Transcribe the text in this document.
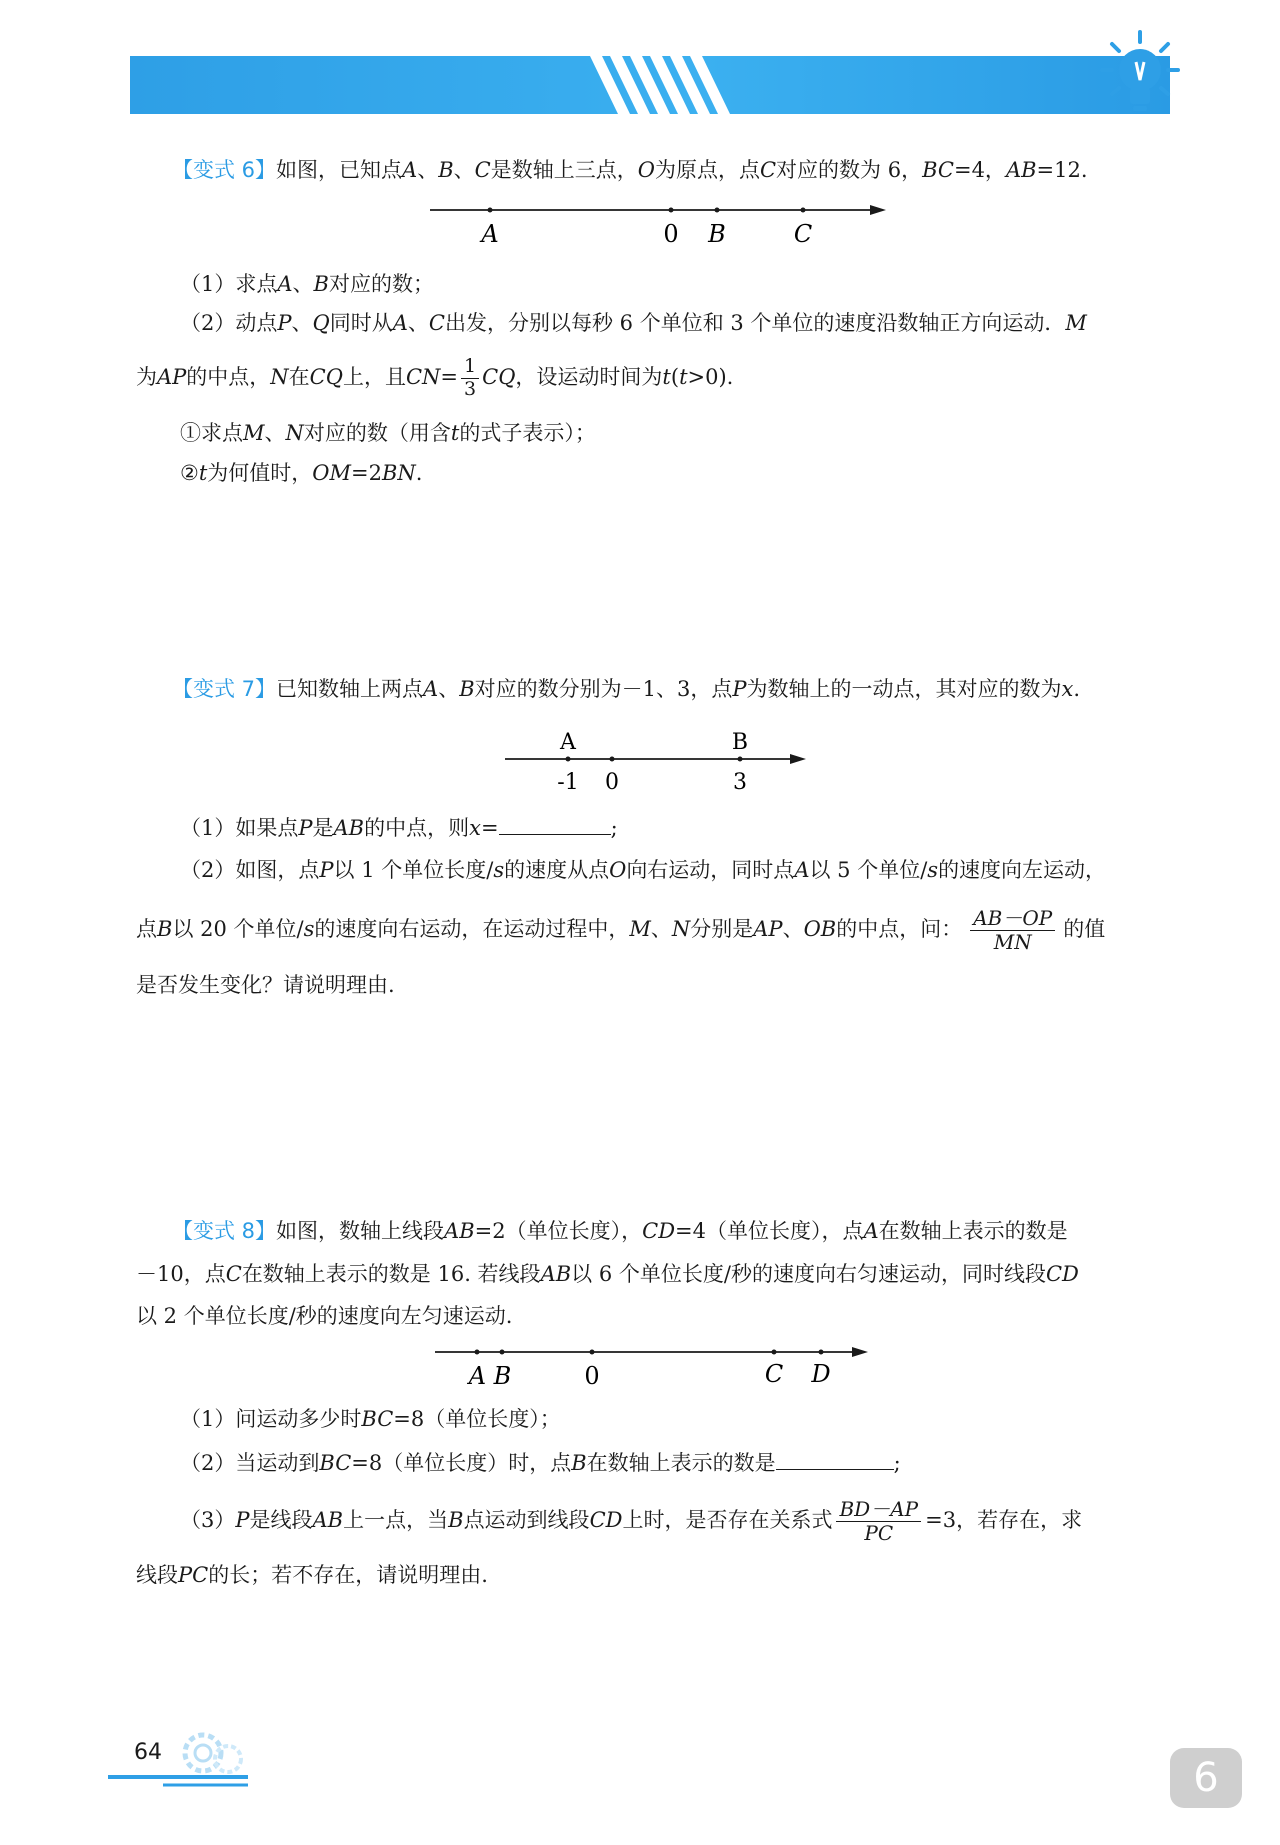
【变式 6】如图，已知点A、B、C是数轴上三点，O为原点，点C对应的数为 6，BC=4，AB=12.
A	0 B	C
（1）求点A、B对应的数；
（2）动点P、Q同时从A、C出发，分别以每秒 6 个单位和 3 个单位的速度沿数轴正方向运动．M
为 AP 的中点， N 在 CQ 上，且 CN = $\frac{1}{3}$ CQ ，设运动时间为 t ( t >0).
①求点M、N对应的数（用含t的式子表示）；
②t为何值时，OM=2BN.
【变式 7】已知数轴上两点A、B对应的数分别为－1、3，点P为数轴上的一动点，其对应的数为x.
A	B
-1 0	3
（1）如果点P是AB的中点，则x=	;
（2）如图，点P以 1 个单位长度/s的速度从点O向右运动，同时点A以 5 个单位/s的速度向左运动，
点 B 以 20 个单位/ s 的速度向右运动，在运动过程中， M 、 N 分别是 AP 、 OB 的中点，问： $\frac{AB-OP}{MN}$ 的值
是否发生变化？请说明理由.
【变式 8】如图，数轴上线段AB=2（单位长度），CD=4（单位长度），点A在数轴上表示的数是
－10，点C在数轴上表示的数是 16. 若线段AB以 6 个单位长度/秒的速度向右匀速运动，同时线段CD
以 2 个单位长度/秒的速度向左匀速运动.
A B	0	C D
（1）问运动多少时BC=8（单位长度）；
（2）当运动到BC=8（单位长度）时，点B在数轴上表示的数是	;
（3） P 是线段 AB 上一点，当 B 点运动到线段 CD 上时，是否存在关系式 $\frac{BD-AP}{PC} =3$，若存在，求
线段PC的长；若不存在，请说明理由.
64
6
